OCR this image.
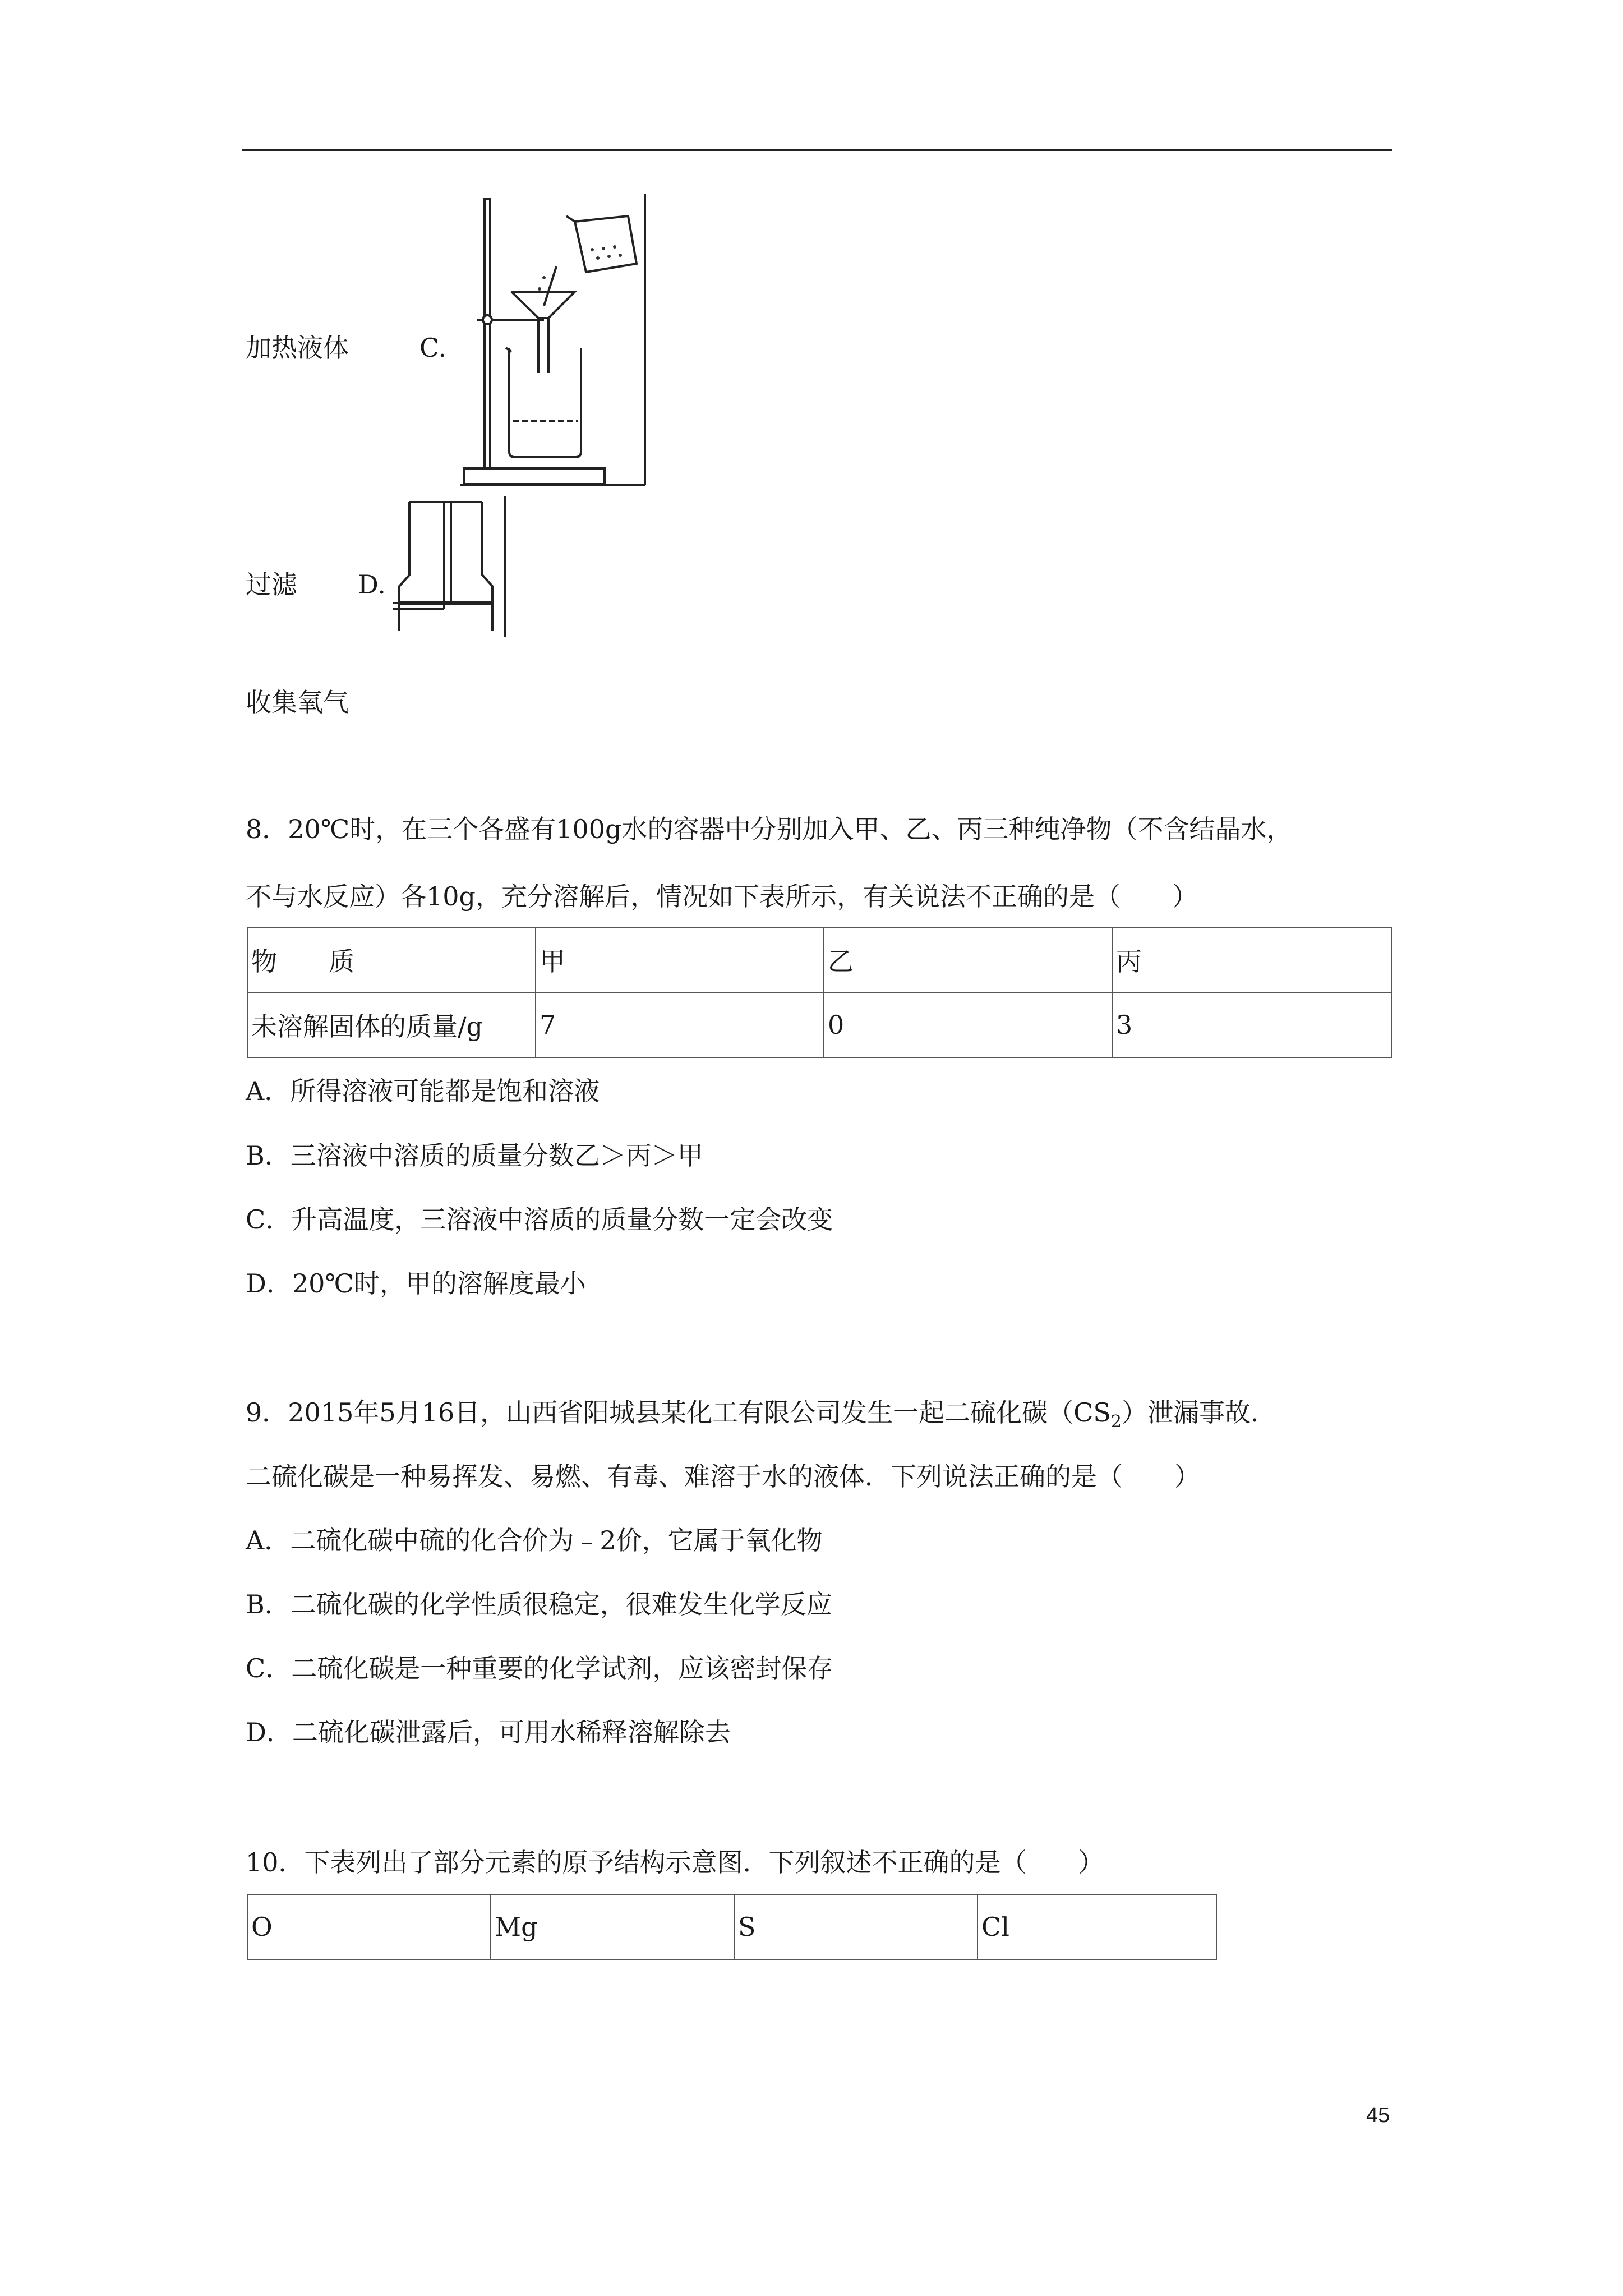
加热液体	C.
过滤 D.
收集氧气
8．20℃时，在三个各盛有100g水的容器中分别加入甲、乙、丙三种纯净物（不含结晶水，
不与水反应）各10g，充分溶解后，情况如下表所示，有关说法不正确的是（　　）
物　　质	甲	乙	丙
未溶解固体的质量/g	7	0	3
A．所得溶液可能都是饱和溶液
B．三溶液中溶质的质量分数乙＞丙＞甲
C．升高温度，三溶液中溶质的质量分数一定会改变
D．20℃时，甲的溶解度最小
9．2015年5月16日，山西省阳城县某化工有限公司发生一起二硫化碳$(CS_2)$泄漏事故．
二硫化碳是一种易挥发、易燃、有毒、难溶于水的液体．下列说法正确的是（　　）
A．二硫化碳中硫的化合价为﹣2价，它属于氧化物
B．二硫化碳的化学性质很稳定，很难发生化学反应
C．二硫化碳是一种重要的化学试剂，应该密封保存
D．二硫化碳泄露后，可用水稀释溶解除去
10．下表列出了部分元素的原予结构示意图．下列叙述不正确的是（　　）
O	Mg	S	Cl
45
